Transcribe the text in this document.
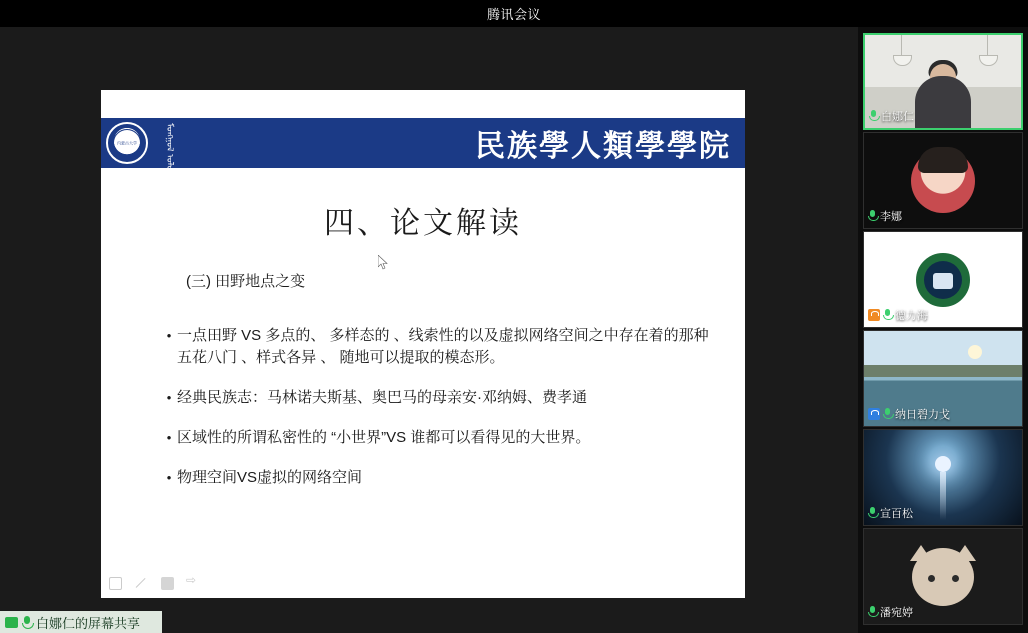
腾讯会议
内蒙古大学	ᠮᠣᠩᠭᠣᠯ ᠤᠯᠤᠰ ᠤᠨ ᠰᠤᠷᠭᠠᠭᠤᠯᠢ	民族學人類學學院
四、论文解读
(三) 田野地点之变
• 一点田野 VS 多点的、 多样态的 、线索性的以及虚拟网络空间之中存在着的那种五花八门 、样式各异 、 随地可以提取的模态形。
• 经典民族志：马林诺夫斯基、奥巴马的母亲安·邓纳姆、费孝通
• 区域性的所谓私密性的 “小世界”VS 谁都可以看得见的大世界。
• 物理空间VS虚拟的网络空间
⇨
白娜仁的屏幕共享
白娜仁
李娜
德力海
纳日碧力戈
宣百松
潘宛婷
